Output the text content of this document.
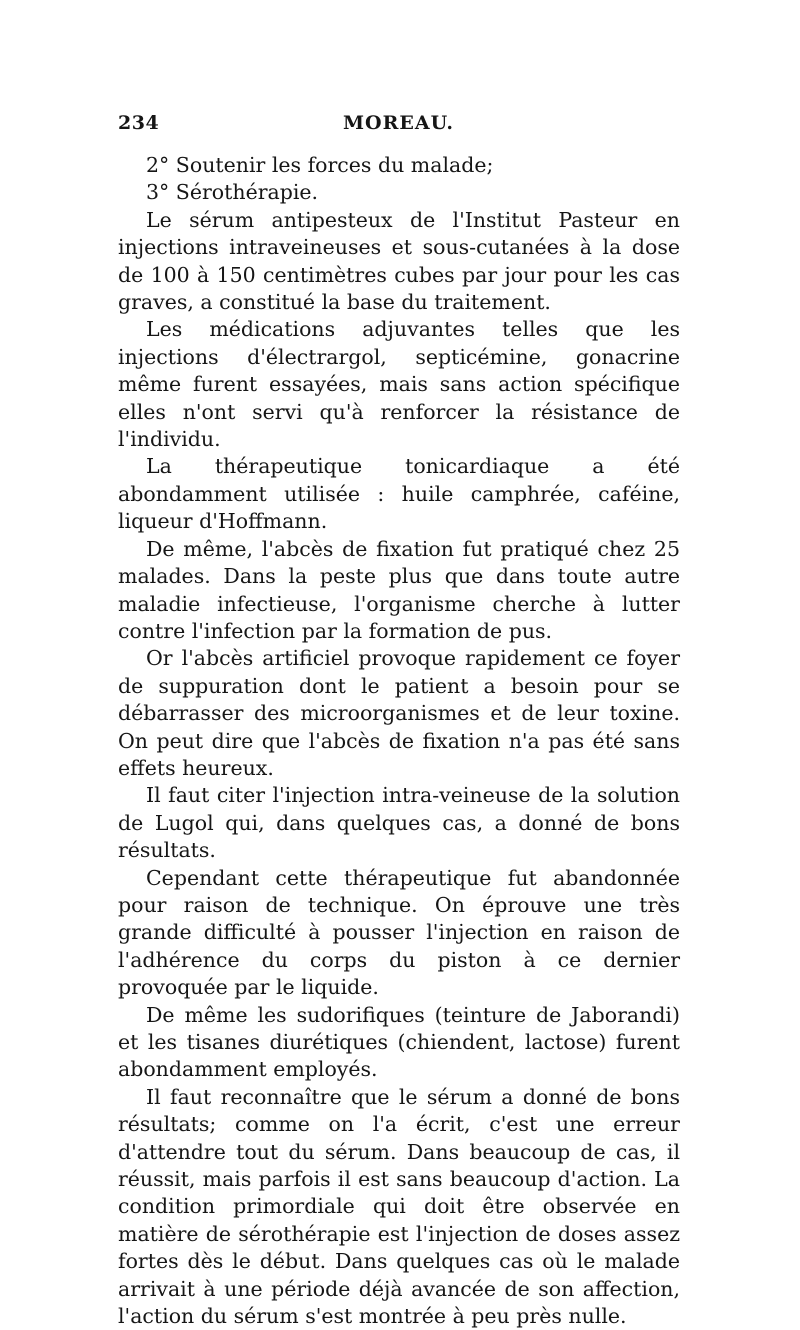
234	MOREAU.

2° Soutenir les forces du malade;

3° Sérothérapie.

Le sérum antipesteux de l'Institut Pasteur en injections intraveineuses et sous-cutanées à la dose de 100 à 150 centimètres cubes par jour pour les cas graves, a constitué la base du traitement.

Les médications adjuvantes telles que les injections d'électrargol, septicémine, gonacrine même furent essayées, mais sans action spécifique elles n'ont servi qu'à renforcer la résistance de l'individu.

La thérapeutique tonicardiaque a été abondamment utilisée : huile camphrée, caféine, liqueur d'Hoffmann.

De même, l'abcès de fixation fut pratiqué chez 25 malades. Dans la peste plus que dans toute autre maladie infectieuse, l'organisme cherche à lutter contre l'infection par la formation de pus.

Or l'abcès artificiel provoque rapidement ce foyer de suppuration dont le patient a besoin pour se débarrasser des microorganismes et de leur toxine. On peut dire que l'abcès de fixation n'a pas été sans effets heureux.

Il faut citer l'injection intra-veineuse de la solution de Lugol qui, dans quelques cas, a donné de bons résultats.

Cependant cette thérapeutique fut abandonnée pour raison de technique. On éprouve une très grande difficulté à pousser l'injection en raison de l'adhérence du corps du piston à ce dernier provoquée par le liquide.

De même les sudorifiques (teinture de Jaborandi) et les tisanes diurétiques (chiendent, lactose) furent abondamment employés.

Il faut reconnaître que le sérum a donné de bons résultats; comme on l'a écrit, c'est une erreur d'attendre tout du sérum. Dans beaucoup de cas, il réussit, mais parfois il est sans beaucoup d'action. La condition primordiale qui doit être observée en matière de sérothérapie est l'injection de doses assez fortes dès le début. Dans quelques cas où le malade arrivait à une période déjà avancée de son affection, l'action du sérum s'est montrée à peu près nulle.
